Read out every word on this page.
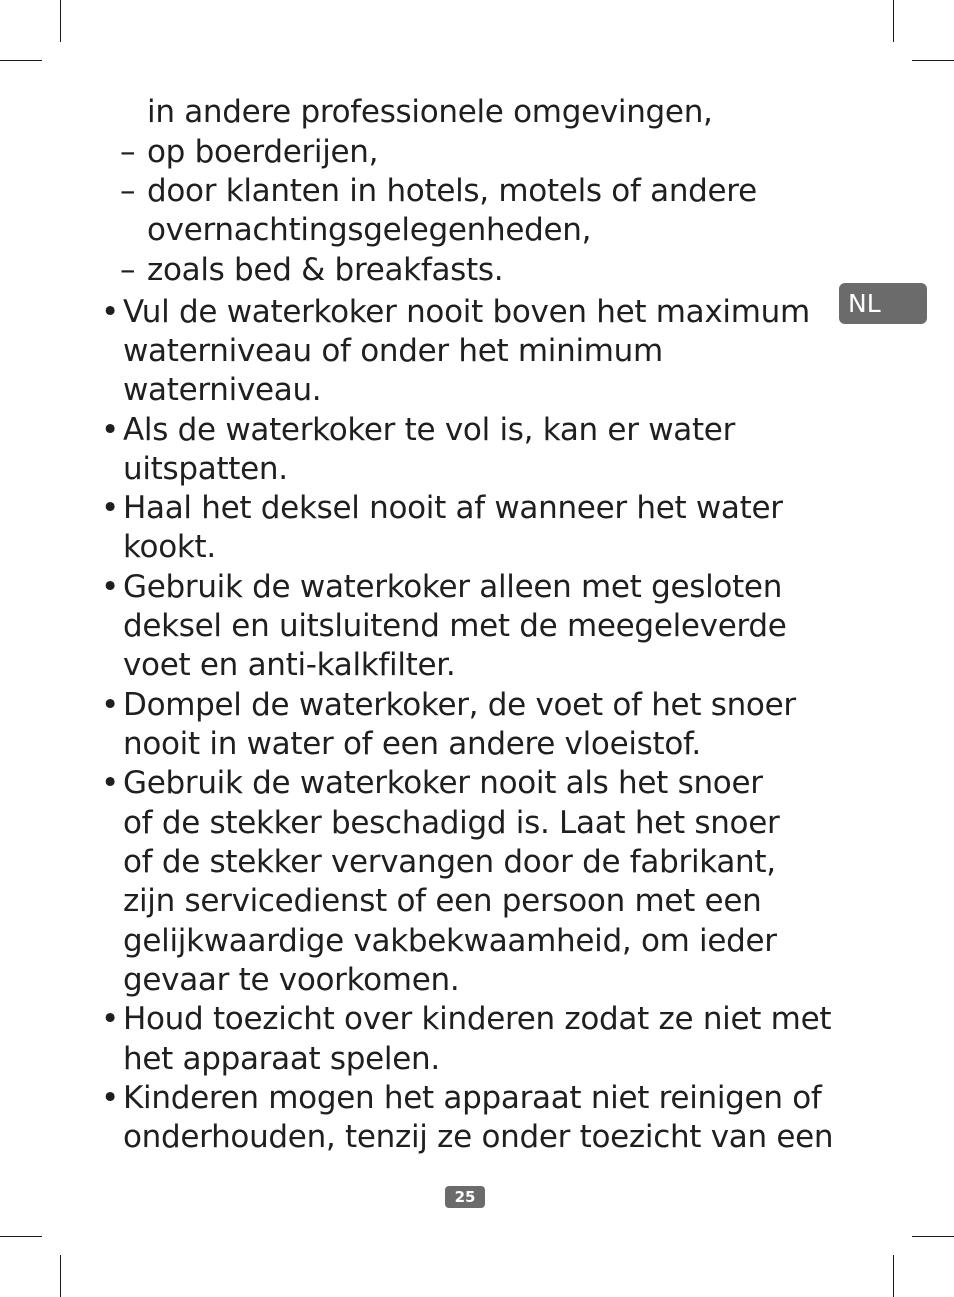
NL
in andere professionele omgevingen,
– op boerderijen,
– door klanten in hotels, motels of andere
overnachtingsgelegenheden,
– zoals bed & breakfasts.
• Vul de waterkoker nooit boven het maximum
waterniveau of onder het minimum
waterniveau.
• Als de waterkoker te vol is, kan er water
uitspatten.
• Haal het deksel nooit af wanneer het water
kookt.
• Gebruik de waterkoker alleen met gesloten
deksel en uitsluitend met de meegeleverde
voet en anti-kalkfilter.
• Dompel de waterkoker, de voet of het snoer
nooit in water of een andere vloeistof.
• Gebruik de waterkoker nooit als het snoer
of de stekker beschadigd is. Laat het snoer
of de stekker vervangen door de fabrikant,
zijn servicedienst of een persoon met een
gelijkwaardige vakbekwaamheid, om ieder
gevaar te voorkomen.
• Houd toezicht over kinderen zodat ze niet met
het apparaat spelen.
• Kinderen mogen het apparaat niet reinigen of
onderhouden, tenzij ze onder toezicht van een
25
